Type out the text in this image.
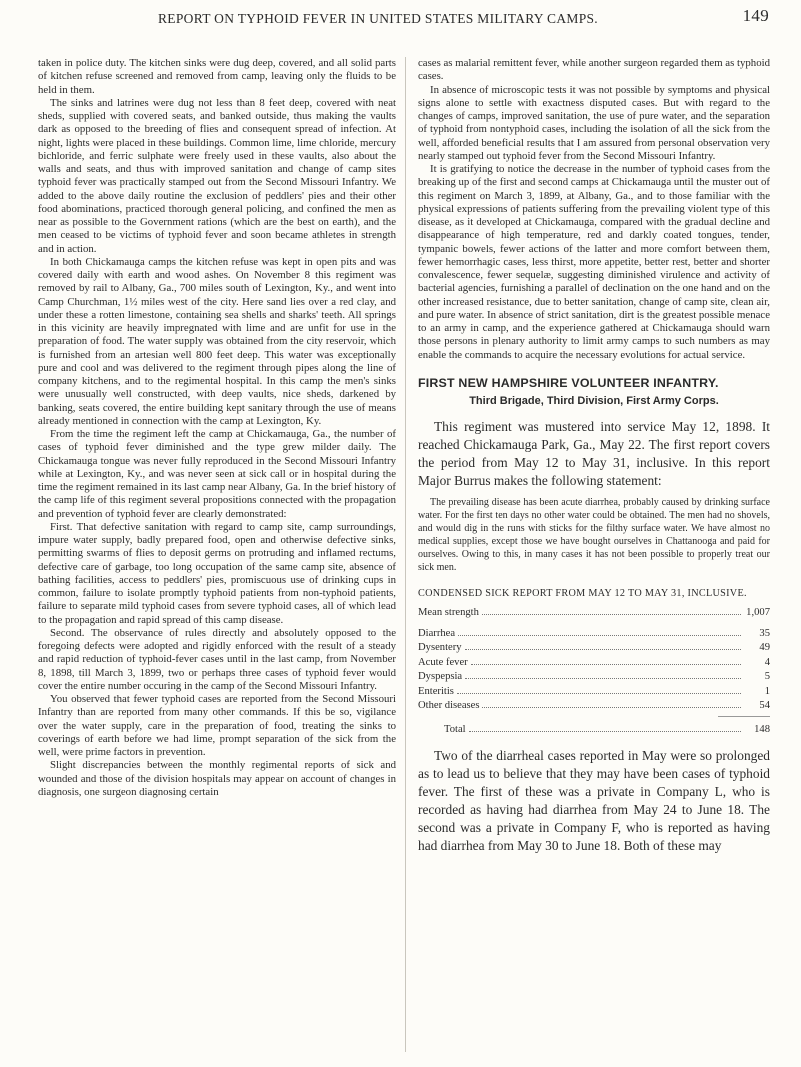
REPORT ON TYPHOID FEVER IN UNITED STATES MILITARY CAMPS.	149

taken in police duty. The kitchen sinks were dug deep, covered, and all solid parts of kitchen refuse screened and removed from camp, leaving only the fluids to be held in them.

The sinks and latrines were dug not less than 8 feet deep, covered with neat sheds, supplied with covered seats, and banked outside, thus making the vaults dark as opposed to the breeding of flies and consequent spread of infection. At night, lights were placed in these buildings. Common lime, lime chloride, mercury bichloride, and ferric sulphate were freely used in these vaults, also about the walls and seats, and thus with improved sanitation and change of camp sites typhoid fever was practically stamped out from the Second Missouri Infantry. We added to the above daily routine the exclusion of peddlers' pies and their other food abominations, practiced thorough general policing, and confined the men as near as possible to the Government rations (which are the best on earth), and the men ceased to be victims of typhoid fever and soon became athletes in strength and in action.

In both Chickamauga camps the kitchen refuse was kept in open pits and was covered daily with earth and wood ashes. On November 8 this regiment was removed by rail to Albany, Ga., 700 miles south of Lexington, Ky., and went into Camp Churchman, 1½ miles west of the city. Here sand lies over a red clay, and under these a rotten limestone, containing sea shells and sharks' teeth. All springs in this vicinity are heavily impregnated with lime and are unfit for use in the preparation of food. The water supply was obtained from the city reservoir, which is furnished from an artesian well 800 feet deep. This water was exceptionally pure and cool and was delivered to the regiment through pipes along the line of company kitchens, and to the regimental hospital. In this camp the men's sinks were unusually well constructed, with deep vaults, nice sheds, darkened by banking, seats covered, the entire building kept sanitary through the use of means already mentioned in connection with the camp at Lexington, Ky.

From the time the regiment left the camp at Chickamauga, Ga., the number of cases of typhoid fever diminished and the type grew milder daily. The Chickamauga tongue was never fully reproduced in the Second Missouri Infantry while at Lexington, Ky., and was never seen at sick call or in hospital during the time the regiment remained in its last camp near Albany, Ga. In the brief history of the camp life of this regiment several propositions connected with the propagation and prevention of typhoid fever are clearly demonstrated:

First. That defective sanitation with regard to camp site, camp surroundings, impure water supply, badly prepared food, open and otherwise defective sinks, permitting swarms of flies to deposit germs on protruding and inflamed rectums, defective care of garbage, too long occupation of the same camp site, absence of bathing facilities, access to peddlers' pies, promiscuous use of drinking cups in common, failure to isolate promptly typhoid patients from non-typhoid patients, failure to separate mild typhoid cases from severe typhoid cases, all of which lead to the propagation and rapid spread of this camp disease.

Second. The observance of rules directly and absolutely opposed to the foregoing defects were adopted and rigidly enforced with the result of a steady and rapid reduction of typhoid-fever cases until in the last camp, from November 8, 1898, till March 3, 1899, two or perhaps three cases of typhoid fever would cover the entire number occuring in the camp of the Second Missouri Infantry.

You observed that fewer typhoid cases are reported from the Second Missouri Infantry than are reported from many other commands. If this be so, vigilance over the water supply, care in the preparation of food, treating the sinks to coverings of earth before we had lime, prompt separation of the sick from the well, were prime factors in prevention.

Slight discrepancies between the monthly regimental reports of sick and wounded and those of the division hospitals may appear on account of changes in diagnosis, one surgeon diagnosing certain

cases as malarial remittent fever, while another surgeon regarded them as typhoid cases.

In absence of microscopic tests it was not possible by symptoms and physical signs alone to settle with exactness disputed cases. But with regard to the changes of camps, improved sanitation, the use of pure water, and the separation of typhoid from nontyphoid cases, including the isolation of all the sick from the well, afforded beneficial results that I am assured from personal observation very nearly stamped out typhoid fever from the Second Missouri Infantry.

It is gratifying to notice the decrease in the number of typhoid cases from the breaking up of the first and second camps at Chickamauga until the muster out of this regiment on March 3, 1899, at Albany, Ga., and to those familiar with the physical expressions of patients suffering from the prevailing violent type of this disease, as it developed at Chickamauga, compared with the gradual decline and disappearance of high temperature, red and darkly coated tongues, tender, tympanic bowels, fewer actions of the latter and more comfort between them, fewer hemorrhagic cases, less thirst, more appetite, better rest, better and shorter convalescence, fewer sequelæ, suggesting diminished virulence and activity of bacterial agencies, furnishing a parallel of declination on the one hand and on the other increased resistance, due to better sanitation, change of camp site, clean air, and pure water. In absence of strict sanitation, dirt is the greatest possible menace to an army in camp, and the experience gathered at Chickamauga should warn those persons in plenary authority to limit army camps to such numbers as may enable the commands to acquire the necessary evolutions for actual service.

FIRST NEW HAMPSHIRE VOLUNTEER INFANTRY.
Third Brigade, Third Division, First Army Corps.

This regiment was mustered into service May 12, 1898. It reached Chickamauga Park, Ga., May 22. The first report covers the period from May 12 to May 31, inclusive. In this report Major Burrus makes the following statement:

The prevailing disease has been acute diarrhea, probably caused by drinking surface water. For the first ten days no other water could be obtained. The men had no shovels, and would dig in the runs with sticks for the filthy surface water. We have almost no medical supplies, except those we have bought ourselves in Chattanooga and paid for ourselves. Owing to this, in many cases it has not been possible to properly treat our sick men.

CONDENSED SICK REPORT FROM MAY 12 TO MAY 31, INCLUSIVE.

Mean strength	1,007
Diarrhea	35
Dysentery	49
Acute fever	4
Dyspepsia	5
Enteritis	1
Other diseases	54
Total	148

Two of the diarrheal cases reported in May were so prolonged as to lead us to believe that they may have been cases of typhoid fever. The first of these was a private in Company L, who is recorded as having had diarrhea from May 24 to June 18. The second was a private in Company F, who is reported as having had diarrhea from May 30 to June 18. Both of these may
